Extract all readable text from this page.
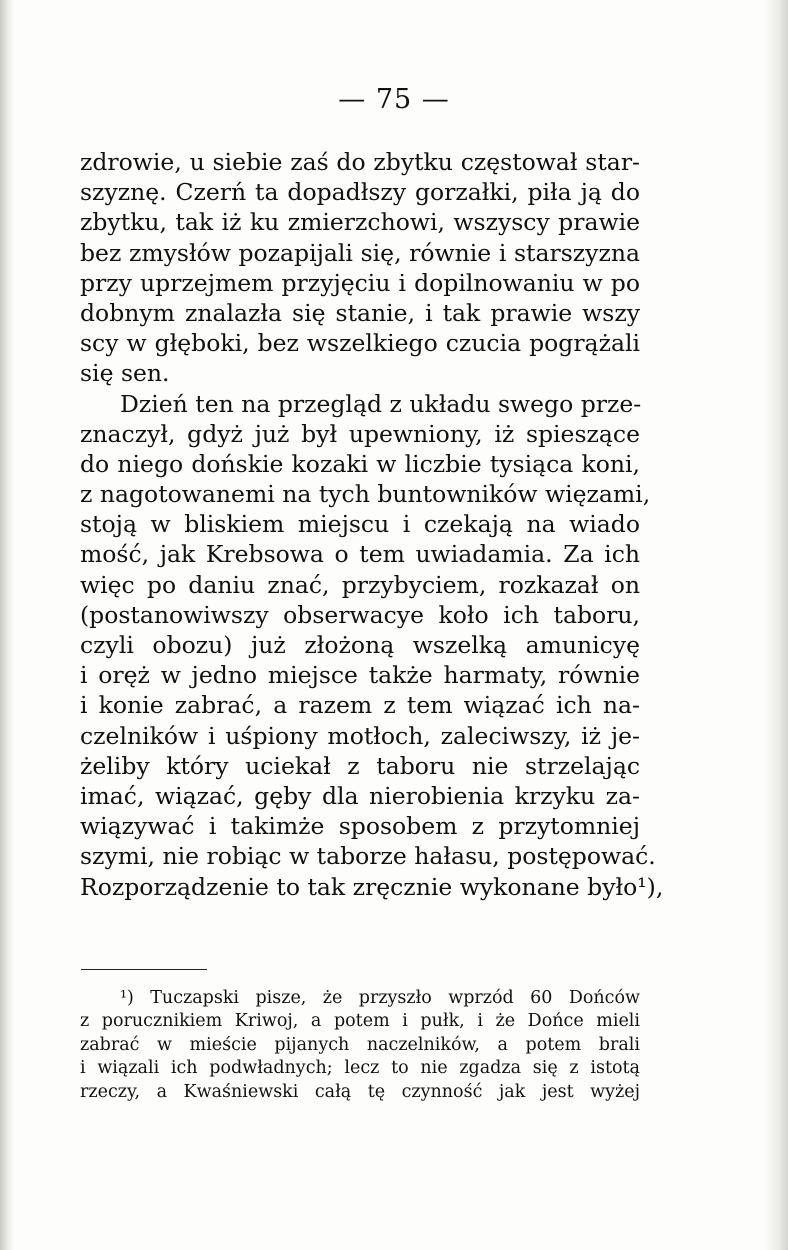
— 75 —
zdrowie, u siebie zaś do zbytku częstował star-
szyznę. Czerń ta dopadłszy gorzałki, piła ją do
zbytku, tak iż ku zmierzchowi, wszyscy prawie
bez zmysłów pozapijali się, równie i starszyzna
przy uprzejmem przyjęciu i dopilnowaniu w po
dobnym znalazła się stanie, i tak prawie wszy
scy w głęboki, bez wszelkiego czucia pogrążali
się sen.
Dzień ten na przegląd z układu swego prze-
znaczył, gdyż już był upewniony, iż spieszące
do niego dońskie kozaki w liczbie tysiąca koni,
z nagotowanemi na tych buntowników więzami,
stoją w bliskiem miejscu i czekają na wiado
mość, jak Krebsowa o tem uwiadamia. Za ich
więc po daniu znać, przybyciem, rozkazał on
(postanowiwszy obserwacye koło ich taboru,
czyli obozu) już złożoną wszelką amunicyę
i oręż w jedno miejsce także harmaty, równie
i konie zabrać, a razem z tem wiązać ich na-
czelników i uśpiony motłoch, zaleciwszy, iż je-
żeliby który uciekał z taboru nie strzelając
imać, wiązać, gęby dla nierobienia krzyku za-
wiązywać i takimże sposobem z przytomniej
szymi, nie robiąc w taborze hałasu, postępować.
Rozporządzenie to tak zręcznie wykonane było¹),
¹) Tuczapski pisze, że przyszło wprzód 60 Dońców
z porucznikiem Kriwoj, a potem i pułk, i że Dońce mieli
zabrać w mieście pijanych naczelników, a potem brali
i wiązali ich podwładnych; lecz to nie zgadza się z istotą
rzeczy, a Kwaśniewski całą tę czynność jak jest wyżej
